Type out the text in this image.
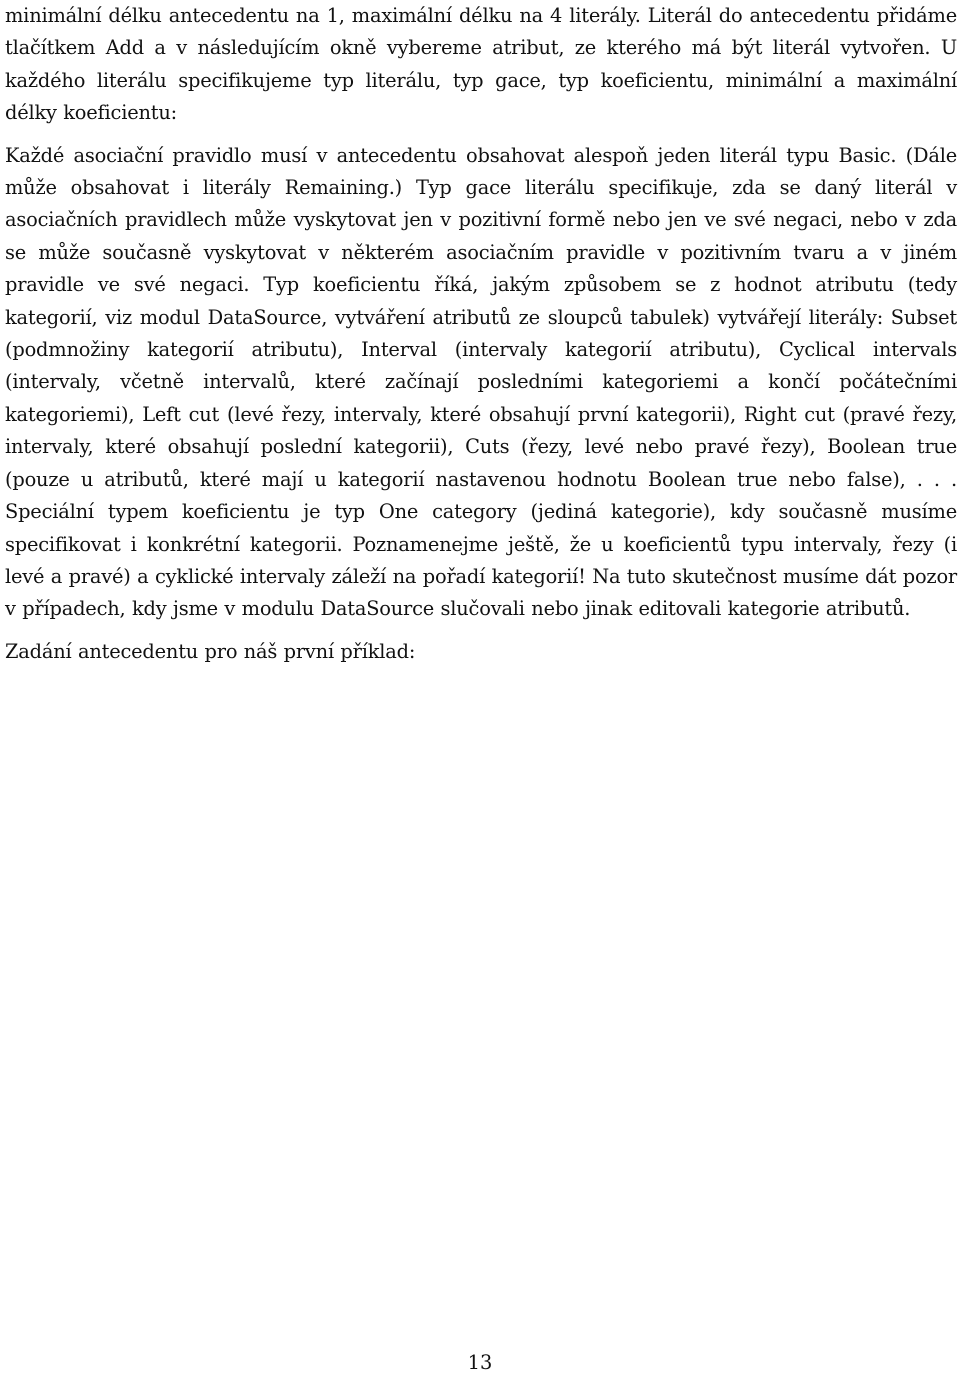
minimální délku antecedentu na 1, maximální délku na 4 literály. Literál do antecedentu přidáme tlačítkem Add a v následujícím okně vybereme atribut, ze kterého má být literál vytvořen. U každého literálu specifikujeme typ literálu, typ gace, typ koeficientu, minimální a maximální délky koeficientu:

Každé asociační pravidlo musí v antecedentu obsahovat alespoň jeden literál typu Basic. (Dále může obsahovat i literály Remaining.) Typ gace literálu specifikuje, zda se daný literál v asociačních pravidlech může vyskytovat jen v pozitivní formě nebo jen ve své negaci, nebo v zda se může současně vyskytovat v některém asociačním pravidle v pozitivním tvaru a v jiném pravidle ve své negaci. Typ koeficientu říká, jakým způsobem se z hodnot atributu (tedy kategorií, viz modul DataSource, vytváření atributů ze sloupců tabulek) vytvářejí literály: Subset (podmnožiny kategorií atributu), Interval (intervaly kategorií atributu), Cyclical intervals (intervaly, včetně intervalů, které začínají posledními kategoriemi a končí počátečními kategoriemi), Left cut (levé řezy, intervaly, které obsahují první kategorii), Right cut (pravé řezy, intervaly, které obsahují poslední kategorii), Cuts (řezy, levé nebo pravé řezy), Boolean true (pouze u atributů, které mají u kategorií nastavenou hodnotu Boolean true nebo false), . . . Speciální typem koeficientu je typ One category (jediná kategorie), kdy současně musíme specifikovat i konkrétní kategorii. Poznamenejme ještě, že u koeficientů typu intervaly, řezy (i levé a pravé) a cyklické intervaly záleží na pořadí kategorií! Na tuto skutečnost musíme dát pozor v případech, kdy jsme v modulu DataSource slučovali nebo jinak editovali kategorie atributů.

Zadání antecedentu pro náš první příklad:

13
